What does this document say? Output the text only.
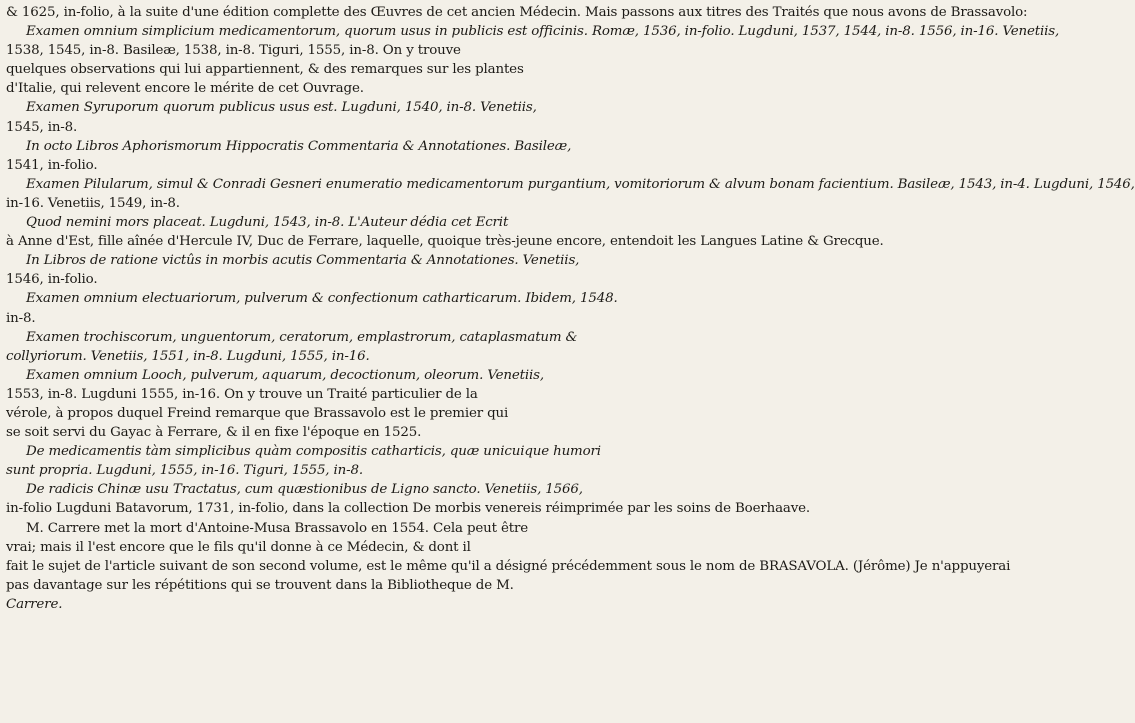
& 1625, in-folio, à la suite d'une édition complette des Œuvres de cet ancien Médecin. Mais passons aux titres des Traités que nous avons de Brassavolo:
Examen omnium simplicium medicamentorum, quorum usus in publicis est officinis. Romæ, 1536, in-folio. Lugduni, 1537, 1544, in-8. 1556, in-16. Venetiis,
1538, 1545, in-8. Basileæ, 1538, in-8. Tiguri, 1555, in-8. On y trouve
quelques observations qui lui appartiennent, & des remarques sur les plantes
d'Italie, qui relevent encore le mérite de cet Ouvrage.
Examen Syruporum quorum publicus usus est. Lugduni, 1540, in-8. Venetiis,
1545, in-8.
In octo Libros Aphorismorum Hippocratis Commentaria & Annotationes. Basileæ,
1541, in-folio.
Examen Pilularum, simul & Conradi Gesneri enumeratio medicamentorum purgantium, vomitoriorum & alvum bonam facientium. Basileæ, 1543, in-4. Lugduni, 1546,
in-16. Venetiis, 1549, in-8.
Quod nemini mors placeat. Lugduni, 1543, in-8. L'Auteur dédia cet Ecrit
à Anne d'Est, fille aînée d'Hercule IV, Duc de Ferrare, laquelle, quoique très-jeune encore, entendoit les Langues Latine & Grecque.
In Libros de ratione victûs in morbis acutis Commentaria & Annotationes. Venetiis,
1546, in-folio.
Examen omnium electuariorum, pulverum & confectionum catharticarum. Ibidem, 1548.
in-8.
Examen trochiscorum, unguentorum, ceratorum, emplastrorum, cataplasmatum &
collyriorum. Venetiis, 1551, in-8. Lugduni, 1555, in-16.
Examen omnium Looch, pulverum, aquarum, decoctionum, oleorum. Venetiis,
1553, in-8. Lugduni 1555, in-16. On y trouve un Traité particulier de la
vérole, à propos duquel Freind remarque que Brassavolo est le premier qui
se soit servi du Gayac à Ferrare, & il en fixe l'époque en 1525.
De medicamentis tàm simplicibus quàm compositis catharticis, quæ unicuique humori
sunt propria. Lugduni, 1555, in-16. Tiguri, 1555, in-8.
De radicis Chinæ usu Tractatus, cum quæstionibus de Ligno sancto. Venetiis, 1566,
in-folio Lugduni Batavorum, 1731, in-folio, dans la collection De morbis venereis réimprimée par les soins de Boerhaave.
M. Carrere met la mort d'Antoine-Musa Brassavolo en 1554. Cela peut être
vrai; mais il l'est encore que le fils qu'il donne à ce Médecin, & dont il
fait le sujet de l'article suivant de son second volume, est le même qu'il a désigné précédemment sous le nom de BRASAVOLA. (Jérôme) Je n'appuyerai
pas davantage sur les répétitions qui se trouvent dans la Bibliotheque de M.
Carrere.
